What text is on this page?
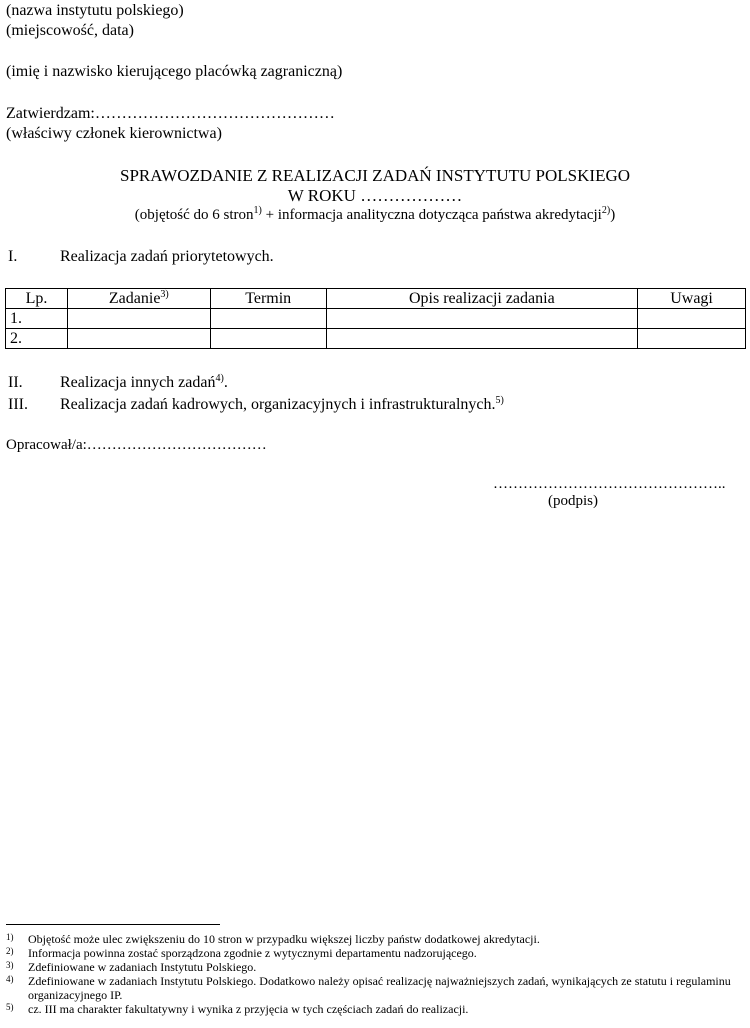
(nazwa instytutu polskiego)
(miejscowość, data)
(imię i nazwisko kierującego placówką zagraniczną)
Zatwierdzam:………………………………………
(właściwy członek kierownictwa)
SPRAWOZDANIE Z REALIZACJI ZADAŃ INSTYTUTU POLSKIEGO
W ROKU ………………
(objętość do 6 stron$^{1)}$ + informacja analityczna dotycząca państwa akredytacji$^{2)}$)
I.	Realizacja zadań priorytetowych.
Lp.	Zadanie$^{3)}$	Termin	Opis realizacji zadania	Uwagi
1.				
2.				
II. Realizacja innych zadań$^{4)}$.
III. Realizacja zadań kadrowych, organizacyjnych i infrastrukturalnych.$^{5)}$
Opracował/a:………………………………
………………………………………..
(podpis)
1)	Objętość może ulec zwiększeniu do 10 stron w przypadku większej liczby państw dodatkowej akredytacji.
2)	Informacja powinna zostać sporządzona zgodnie z wytycznymi departamentu nadzorującego.
3)	Zdefiniowane w zadaniach Instytutu Polskiego.
4)	Zdefiniowane w zadaniach Instytutu Polskiego. Dodatkowo należy opisać realizację najważniejszych zadań, wynikających ze statutu i regulaminu organizacyjnego IP.
5)	cz. III ma charakter fakultatywny i wynika z przyjęcia w tych częściach zadań do realizacji.
